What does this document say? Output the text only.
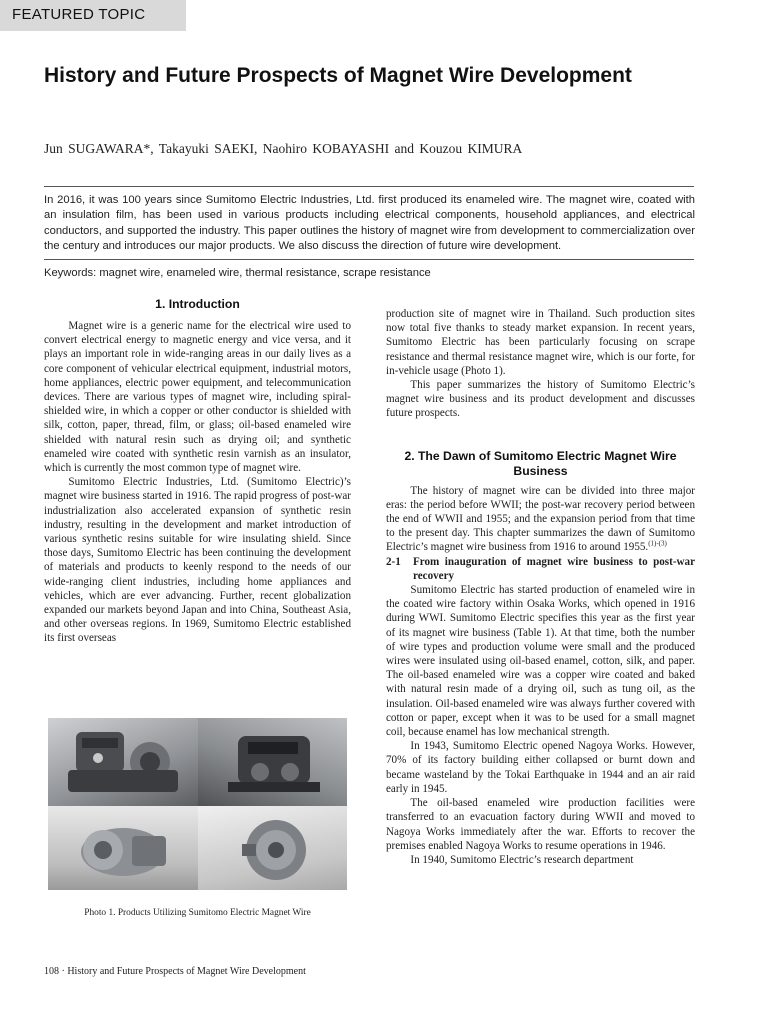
FEATURED TOPIC
History and Future Prospects of Magnet Wire Development
Jun SUGAWARA*, Takayuki SAEKI, Naohiro KOBAYASHI and Kouzou KIMURA
In 2016, it was 100 years since Sumitomo Electric Industries, Ltd. first produced its enameled wire. The magnet wire, coated with an insulation film, has been used in various products including electrical components, household appliances, and electrical conductors, and supported the industry. This paper outlines the history of magnet wire from development to commercialization over the century and introduces our major products. We also discuss the direction of future wire development.
Keywords: magnet wire, enameled wire, thermal resistance, scrape resistance
1. Introduction

Magnet wire is a generic name for the electrical wire used to convert electrical energy to magnetic energy and vice versa, and it plays an important role in wide-ranging areas in our daily lives as a core component of vehicular electrical equipment, industrial motors, home appliances, electric power equipment, and telecommunication devices. There are various types of magnet wire, including spiral-shielded wire, in which a copper or other conductor is shielded with silk, cotton, paper, thread, film, or glass; oil-based enameled wire shielded with natural resin such as drying oil; and synthetic enameled wire coated with synthetic resin varnish as an insulator, which is currently the most common type of magnet wire.

Sumitomo Electric Industries, Ltd. (Sumitomo Electric)’s magnet wire business started in 1916. The rapid progress of post-war industrialization also accelerated expansion of synthetic resin industry, resulting in the development and market introduction of various synthetic resins suitable for wire insulating shield. Since those days, Sumitomo Electric has been continuing the development of materials and products to keenly respond to the needs of our wide-ranging client industries, including home appliances and vehicles, which are ever advancing. Further, recent globalization expanded our markets beyond Japan and into China, Southeast Asia, and other overseas regions. In 1969, Sumitomo Electric established its first overseas

Photo 1. Products Utilizing Sumitomo Electric Magnet Wire

production site of magnet wire in Thailand. Such production sites now total five thanks to steady market expansion. In recent years, Sumitomo Electric has been particularly focusing on scrape resistance and thermal resistance magnet wire, which is our forte, for in-vehicle usage (Photo 1).

This paper summarizes the history of Sumitomo Electric’s magnet wire business and its product development and discusses future prospects.

2. The Dawn of Sumitomo Electric Magnet Wire Business

The history of magnet wire can be divided into three major eras: the period before WWII; the post-war recovery period between the end of WWII and 1955; and the expansion period from that time to the present day. This chapter summarizes the dawn of Sumitomo Electric’s magnet wire business from 1916 to around 1955.$^{(1)-(3)}$

2-1	From inauguration of magnet wire business to post-war recovery

Sumitomo Electric has started production of enameled wire in the coated wire factory within Osaka Works, which opened in 1916 during WWI. Sumitomo Electric specifies this year as the first year of its magnet wire business (Table 1). At that time, both the number of wire types and production volume were small and the produced wires were insulated using oil-based enamel, cotton, silk, and paper. The oil-based enameled wire was a copper wire coated and baked with natural resin made of a drying oil, such as tung oil, as the insulation. Oil-based enameled wire was always further covered with cotton or paper, except when it was to be used for a small magnet coil, because enamel has low mechanical strength.

In 1943, Sumitomo Electric opened Nagoya Works. However, 70% of its factory building either collapsed or burnt down and became wasteland by the Tokai Earthquake in 1944 and an air raid early in 1945.

The oil-based enameled wire production facilities were transferred to an evacuation factory during WWII and moved to Nagoya Works immediately after the war. Efforts to recover the premises enabled Nagoya Works to resume operations in 1946.

In 1940, Sumitomo Electric’s research department

108 · History and Future Prospects of Magnet Wire Development
